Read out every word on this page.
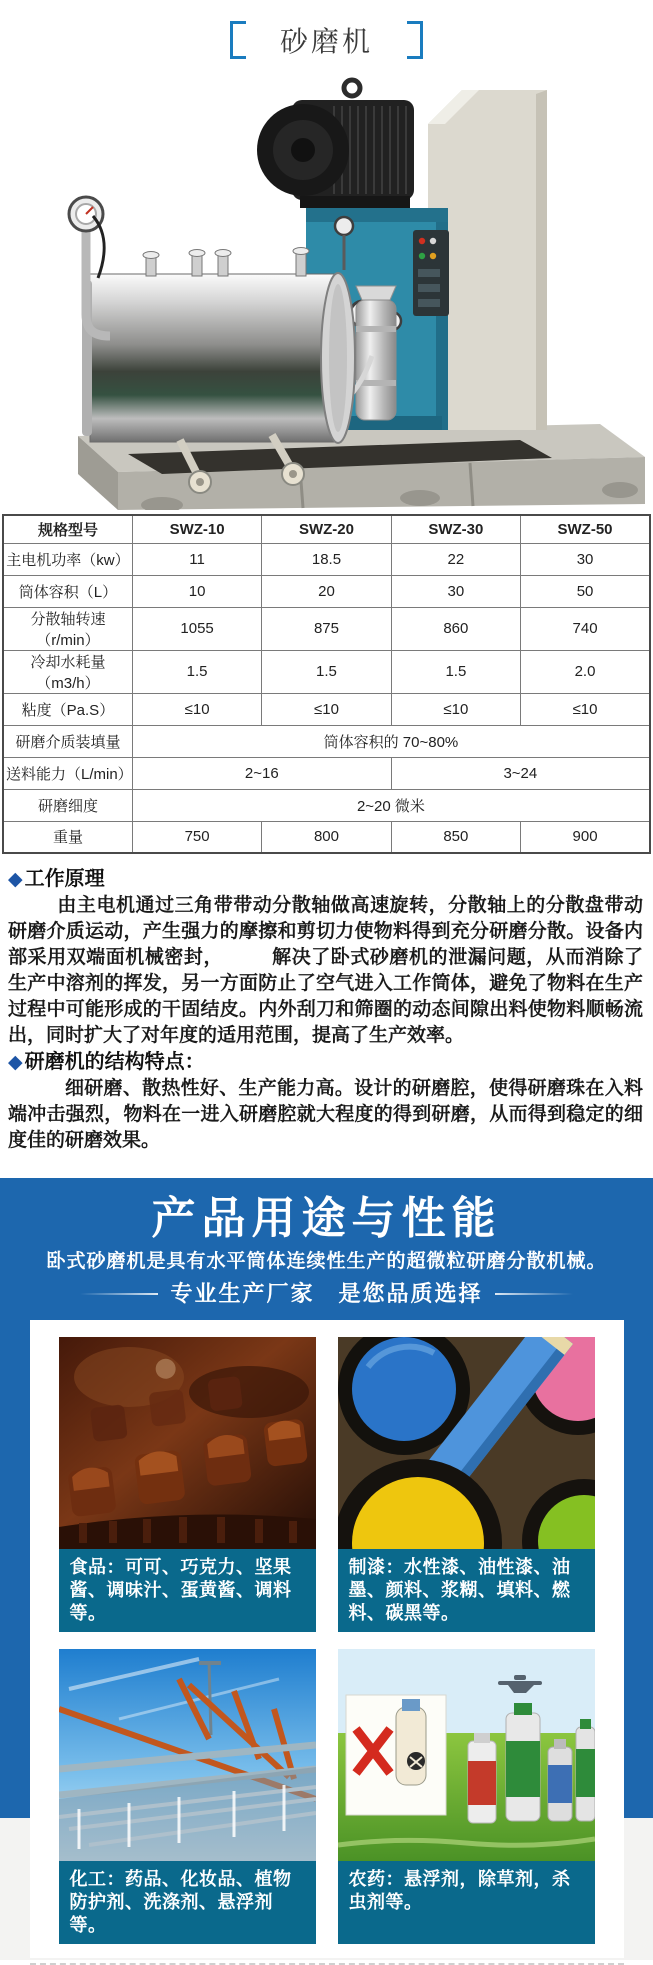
砂磨机
规格型号	SWZ-10	SWZ-20	SWZ-30	SWZ-50
主电机功率（kw）	11	18.5	22	30
筒体容积（L）	10	20	30	50
分散轴转速（r/min）	1055	875	860	740
冷却水耗量（m3/h）	1.5	1.5	1.5	2.0
粘度（Pa.S）	≤10	≤10	≤10	≤10
研磨介质装填量	筒体容积的 70~80%			
送料能力（L/min）	2~16		3~24	
研磨细度	2~20 微米			
重量	750	800	850	900
◆ 工作原理

由主电机通过三角带带动分散轴做高速旋转，分散轴上的分散盘带动研磨介质运动，产生强力的摩擦和剪切力使物料得到充分研磨分散。设备内部采用双端面机械密封，　　　解决了卧式砂磨机的泄漏问题，从而消除了生产中溶剂的挥发，另一方面防止了空气进入工作筒体，避免了物料在生产过程中可能形成的干固结皮。内外刮刀和筛圈的动态间隙出料使物料顺畅流出，同时扩大了对年度的适用范围，提高了生产效率。

◆ 研磨机的结构特点：

细研磨、散热性好、生产能力高。设计的研磨腔，使得研磨珠在入料端冲击强烈，物料在一进入研磨腔就大程度的得到研磨，从而得到稳定的细度佳的研磨效果。

产品用途与性能
卧式砂磨机是具有水平筒体连续性生产的超微粒研磨分散机械。
专业生产厂家　是您品质选择
食品：可可、巧克力、坚果酱、调味汁、蛋黄酱、调料等。
制漆：水性漆、油性漆、油墨、颜料、浆糊、填料、燃料、碳黑等。
化工：药品、化妆品、植物防护剂、洗涤剂、悬浮剂等。
农药：悬浮剂，除草剂，杀虫剂等。
